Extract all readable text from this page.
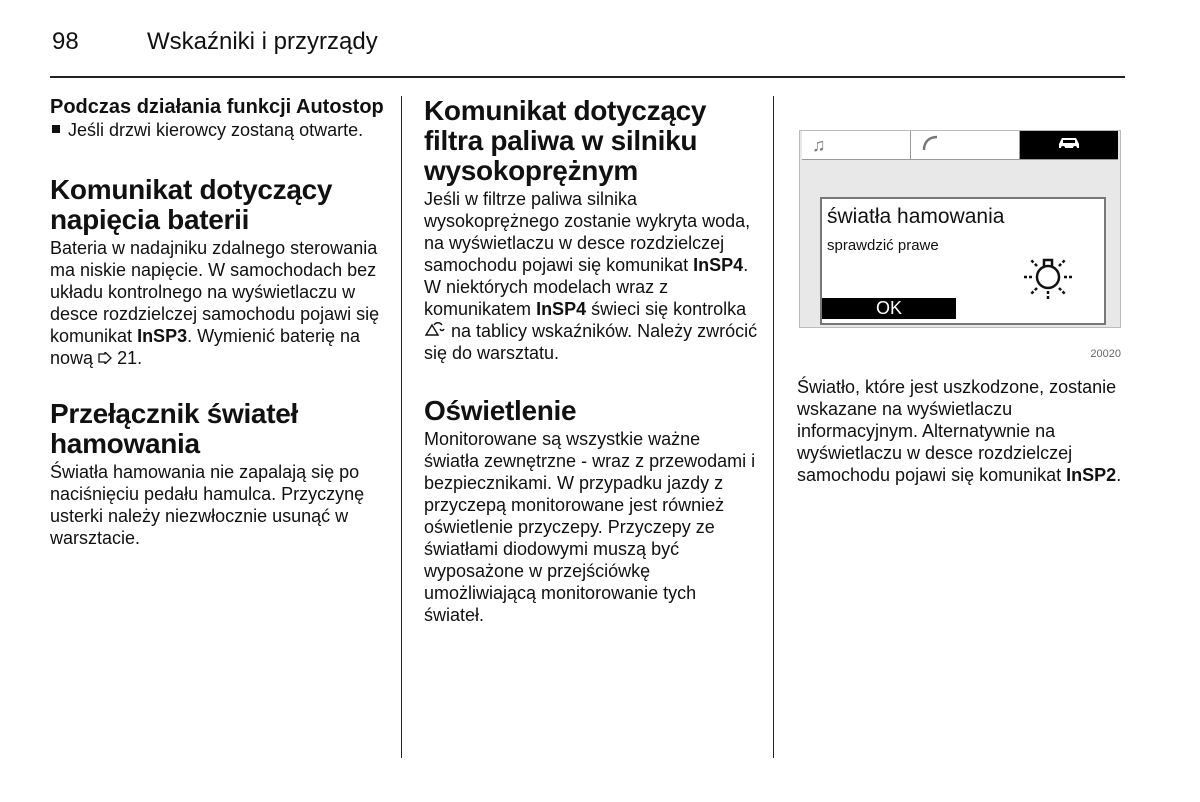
98	Wskaźniki i przyrządy

Podczas działania funkcji Autostop

Jeśli drzwi kierowcy zostaną otwarte.

Komunikat dotyczący napięcia baterii

Bateria w nadajniku zdalnego sterowania ma niskie napięcie. W samochodach bez układu kontrolnego na wyświetlaczu w desce rozdzielczej samochodu pojawi się komunikat InSP3. Wymienić baterię na nową 21.

Przełącznik świateł hamowania

Światła hamowania nie zapalają się po naciśnięciu pedału hamulca. Przyczynę usterki należy niezwłocznie usunąć w warsztacie.

Komunikat dotyczący filtra paliwa w silniku wysokoprężnym

Jeśli w filtrze paliwa silnika wysokoprężnego zostanie wykryta woda, na wyświetlaczu w desce rozdzielczej samochodu pojawi się komunikat InSP4. W niektórych modelach wraz z komunikatem InSP4 świeci się kontrolka  na tablicy wskaźników. Należy zwrócić się do warsztatu.

Oświetlenie

Monitorowane są wszystkie ważne światła zewnętrzne - wraz z przewodami i bezpiecznikami. W przypadku jazdy z przyczepą monitorowane jest również oświetlenie przyczepy. Przyczepy ze światłami diodowymi muszą być wyposażone w przejściówkę umożliwiającą monitorowanie tych świateł.

♫
światła hamowania
sprawdzić prawe
OK
20020

Światło, które jest uszkodzone, zostanie wskazane na wyświetlaczu informacyjnym. Alternatywnie na wyświetlaczu w desce rozdzielczej samochodu pojawi się komunikat InSP2.
